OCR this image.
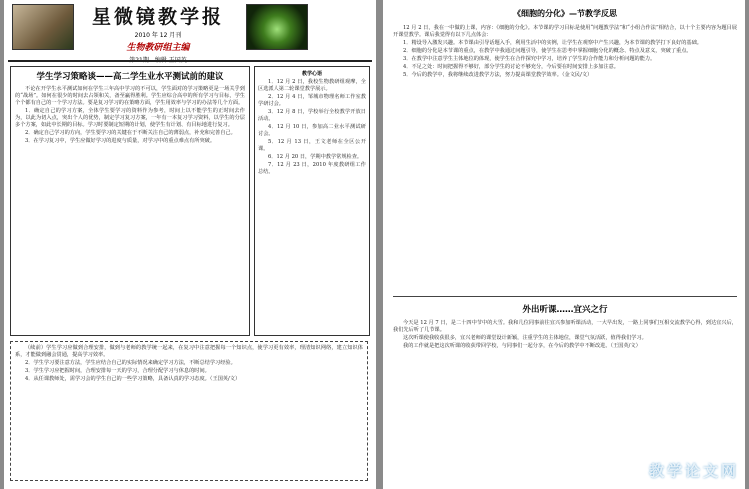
星微镜教学报
2010 年 12 月刊
生物教研组主编
学生学习策略谈——高二学生业水平测试前的建议

不论在开学生水平测试如何在学生三年高中学习的不可以，学生面对的学习策略更是一场关乎到的“战场”。如何在很少的时间去占领和关，备至赢得胜利。学生应综合高中的所有学习与目标，学生个个都有自己的一个学习方法。要是复习学习的在策略方面，学生用效率与学习的办法等几个方面。

1．确定自己的学习方案，全体学生要学习的资料作为参考，时间上以不能学生的正时间去作为，以此为切入点，突出个人的优势，制定学习复习方案，一年有一本复习学习资料，以学生的分层多个方案，如此中长期的目标。学习时要制定短期的计划，使学生有计划、有目标地进行复习。

2．确定自己学习的方向，学生要学习的关键在于不断关注自己的薄弱点，补充和完善自己。

3．在学习复习中，学生应做好学习的进度与质量，对学习中的重点难点有所突破。

教学心语

1．12 月 2 日，我校生物教研组观摩，全区选派人第二轮课堂教学展示。

2．12 月 4 日，邹城市物理名师工作室教学研讨会。

3．12 月 8 日，学校举行全校教学开放日活动。

4．12 月 10 日，参加高二业水平测试研讨会。

5．12 月 13 日，王文老师在全区公开课。

6．12 月 20 日，学期中教学常规检查。

7．12 月 23 日，2010 年度教研组工作总结。

（续前）学生学习应做到合理安排，做到与老师的教学统一起来，在复习中注意把握每一个知识点，使学习更有效率，理清知识网络，建立知识体系，才能做到融会贯通，提高学习效率。

2．学生学习要注意方法，学生应结合自己的实际情况来确定学习方法，不断总结学习经验。

3．学生学习应把握时间，合理安排每一天的学习，合理分配学习与休息的时间。

4．从任课教师处，需学习会的学生自己的一些学习策略，具备认真的学习态度。（王国英/文）

《细胞的分化》—节教学反思

12 月 2 日，我在一中做的上课，内容：《细胞的分化》。本节课的学习目标是使用“问题教学法”和“小组合作法”相结合，以十个主要内容为题目展开课堂教学。课后我觉得有以下几点体会：

1．精设导入激发兴趣。本节课由引导话题入手，利用生活中的实例，让学生在观察中产生兴趣，为本节课的教学打下良好的基础。

2．细胞的分化是本节课的重点，在教学中我通过问题引导，使学生在思考中掌握细胞分化的概念、特点及意义，突破了重点。

3．在教学中注意学生主体地位的体现，使学生在合作探究中学习，培养了学生的合作能力和分析问题的能力。

4．不足之处：时间把握得不够好，部分学生的讨论不够充分，今后要在时间安排上多加注意。

5．今后的教学中，我将继续改进教学方法，努力提高课堂教学效率。（金文民/文）

外出听课……宜兴之行

今天是 12 月 7 日，是二十四中节中的大雪。我和几位同事前往宜兴参加听课活动，一大早出发，一路上同事们互相交流教学心得，到达宜兴后，我们先后听了几节课。

这次听课使我收获很多，宜兴老师的课堂设计新颖，注重学生的主体地位，课堂气氛活跃，值得我们学习。

我的工作就是把这次听课的收获带回学校，与同事们一起分享，在今后的教学中不断改进。（王国英/文）

教学论文网
